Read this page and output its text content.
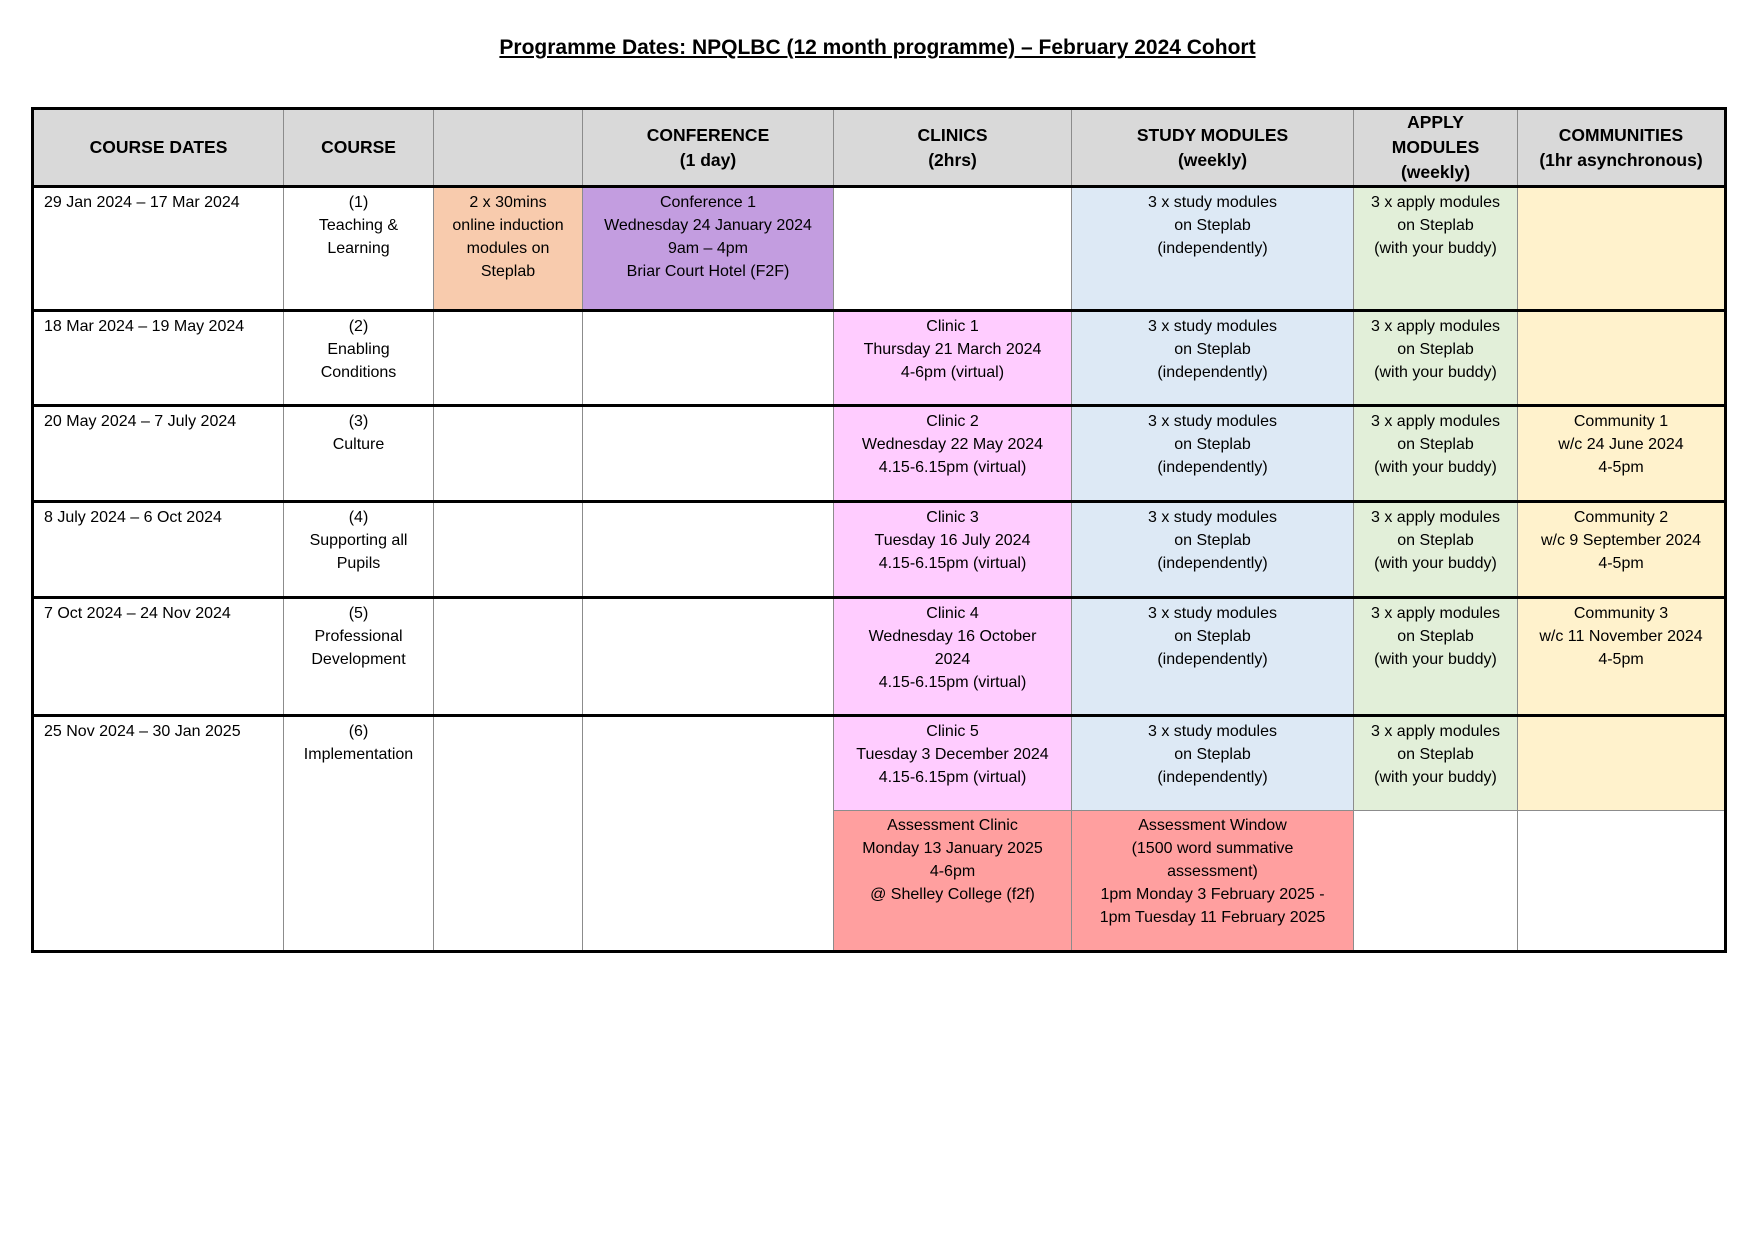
Programme Dates: NPQLBC (12 month programme) – February 2024 Cohort
COURSE DATES	COURSE		CONFERENCE
(1 day)	CLINICS
(2hrs)	STUDY MODULES
(weekly)	APPLY
MODULES
(weekly)	COMMUNITIES
(1hr asynchronous)
29 Jan 2024 – 17 Mar 2024	(1)
Teaching &
Learning	2 x 30mins
online induction
modules on
Steplab	Conference 1
Wednesday 24 January 2024
9am – 4pm
Briar Court Hotel (F2F)		3 x study modules
on Steplab
(independently)	3 x apply modules
on Steplab
(with your buddy)	
18 Mar 2024 – 19 May 2024	(2)
Enabling
Conditions			Clinic 1
Thursday 21 March 2024
4-6pm (virtual)	3 x study modules
on Steplab
(independently)	3 x apply modules
on Steplab
(with your buddy)	
20 May 2024 – 7 July 2024	(3)
Culture			Clinic 2
Wednesday 22 May 2024
4.15-6.15pm (virtual)	3 x study modules
on Steplab
(independently)	3 x apply modules
on Steplab
(with your buddy)	Community 1
w/c 24 June 2024
4-5pm
8 July 2024 – 6 Oct 2024	(4)
Supporting all
Pupils			Clinic 3
Tuesday 16 July 2024
4.15-6.15pm (virtual)	3 x study modules
on Steplab
(independently)	3 x apply modules
on Steplab
(with your buddy)	Community 2
w/c 9 September 2024
4-5pm
7 Oct 2024 – 24 Nov 2024	(5)
Professional
Development			Clinic 4
Wednesday 16 October
2024
4.15-6.15pm (virtual)	3 x study modules
on Steplab
(independently)	3 x apply modules
on Steplab
(with your buddy)	Community 3
w/c 11 November 2024
4-5pm
25 Nov 2024 – 30 Jan 2025	(6)
Implementation			Clinic 5
Tuesday 3 December 2024
4.15-6.15pm (virtual)	3 x study modules
on Steplab
(independently)	3 x apply modules
on Steplab
(with your buddy)	
				Assessment Clinic
Monday 13 January 2025
4-6pm
@ Shelley College (f2f)	Assessment Window
(1500 word summative
assessment)
1pm Monday 3 February 2025 -
1pm Tuesday 11 February 2025		
